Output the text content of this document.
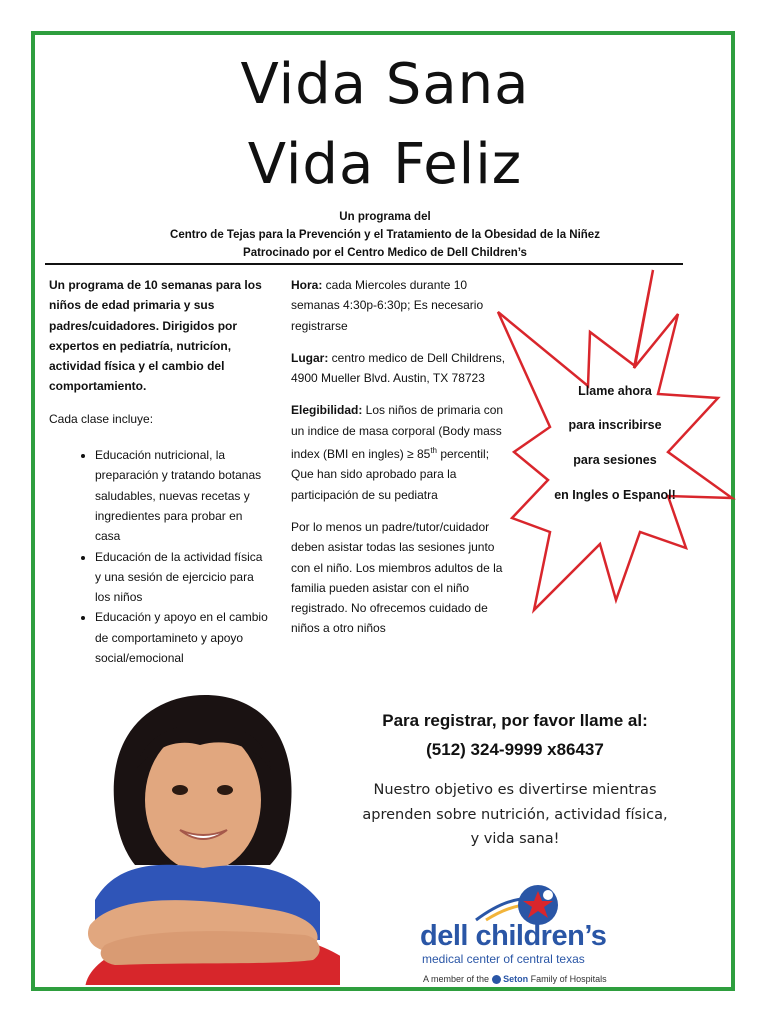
Vida Sana
Vida Feliz
Un programa del
Centro de Tejas para la Prevención y el Tratamiento de la Obesidad de la Niñez
Patrocinado por el Centro Medico de Dell Children’s
Un programa de 10 semanas para los niños de edad primaria y sus padres/cuidadores. Dirigidos por expertos en pediatría, nutricíon, actividad física y el cambio del comportamiento.
Cada clase incluye:
• Educación nutricional, la preparación y tratando botanas saludables, nuevas recetas y ingredientes para probar en casa
• Educación de la actividad física y una sesión de ejercicio para los niños
• Educación y apoyo en el cambio de comportamineto y apoyo social/emocional

Hora: cada Miercoles durante 10 semanas 4:30p-6:30p; Es necesario registrarse

Lugar: centro medico de Dell Childrens, 4900 Mueller Blvd. Austin, TX 78723

Elegibilidad: Los niños de primaria con un indice de masa corporal (Body mass index (BMI en ingles) ≥ 85th percentil; Que han sido aprobado para la participación de su pediatra

Por lo menos un padre/tutor/cuidador deben asistar todas las sesiones junto con el niño. Los miembros adultos de la familia pueden asistar con el niño registrado. No ofrecemos cuidado de niños a otro niños

Llame ahora
para inscribirse
para sesiones
en Ingles o Espanol!
Para registrar, por favor llame al:
(512) 324-9999 x86437
Nuestro objetivo es divertirse mientras
aprenden sobre nutrición, actividad física,
y vida sana!
dell children’s
medical center of central texas
A member of the Seton Family of Hospitals
